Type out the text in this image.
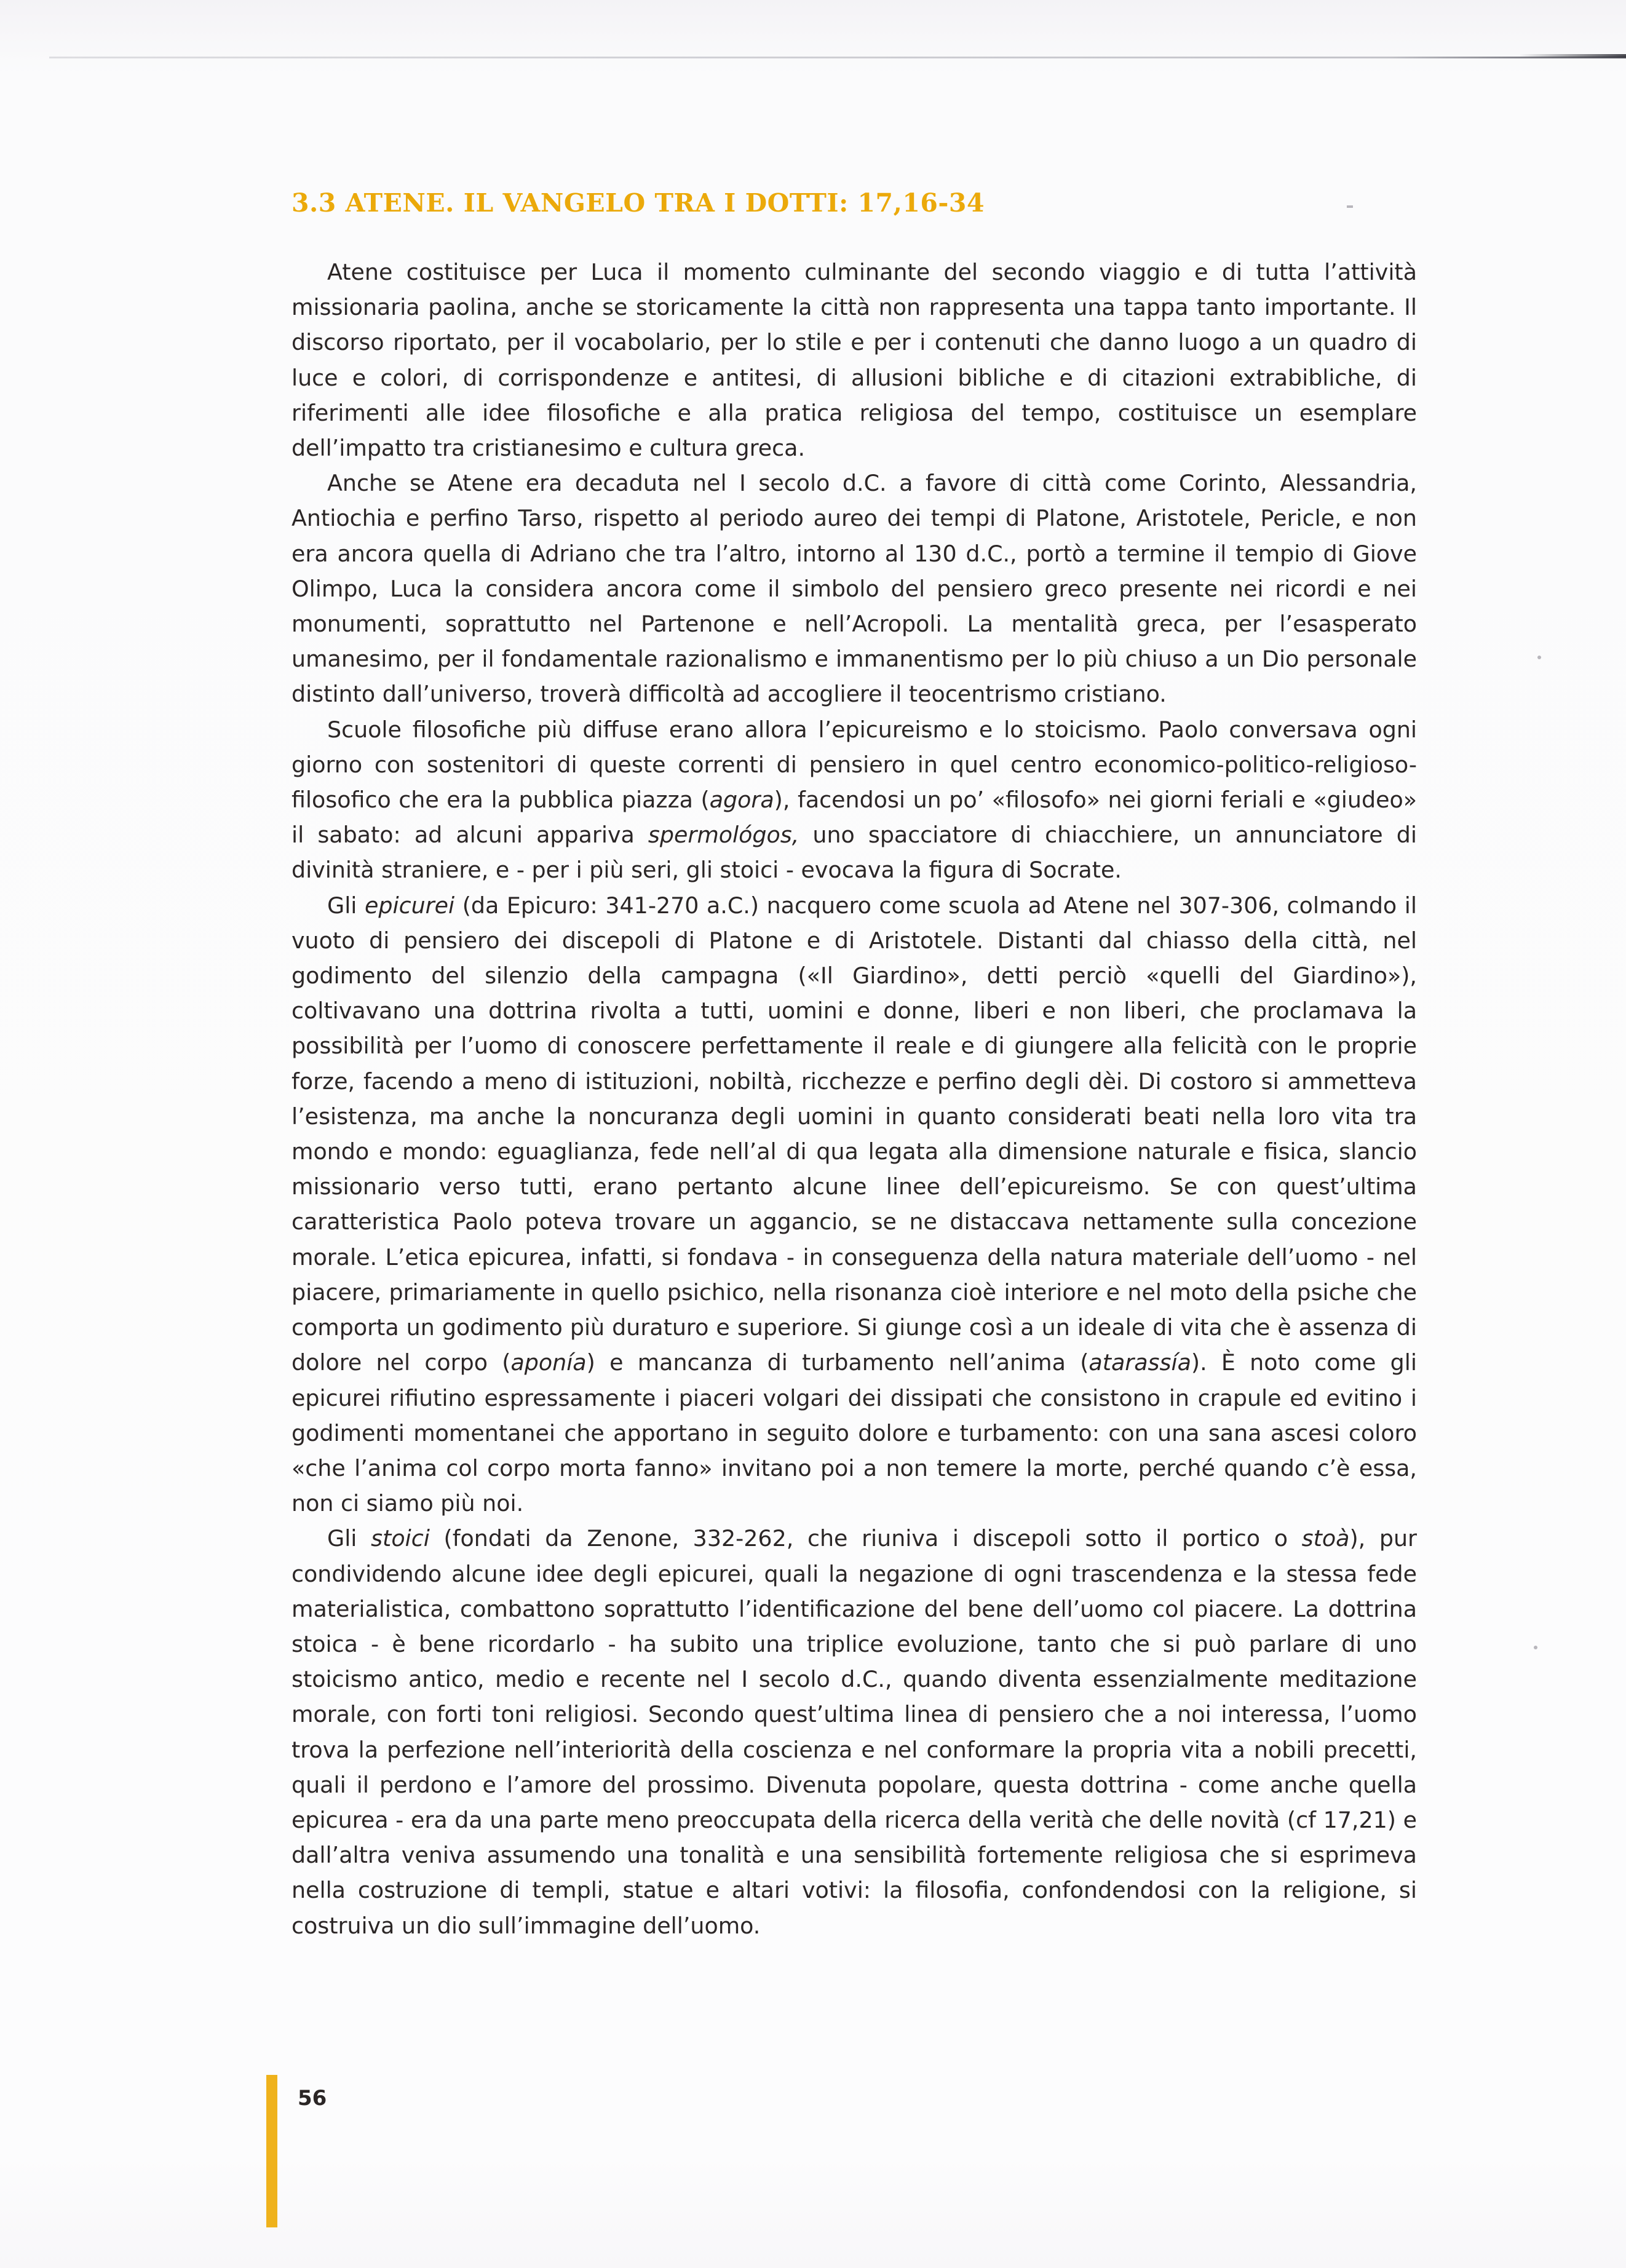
3.3 ATENE. IL VANGELO TRA I DOTTI: 17,16-34

Atene costituisce per Luca il momento culminante del secondo viaggio e di tutta l’attività missionaria paolina, anche se storicamente la città non rappresenta una tappa tanto importante. Il discorso riportato, per il vocabolario, per lo stile e per i contenuti che danno luogo a un quadro di luce e colori, di corrispondenze e antitesi, di allusioni bibliche e di citazioni extrabibliche, di riferimenti alle idee filosofiche e alla pratica religiosa del tempo, costituisce un esemplare dell’impatto tra cristianesimo e cultura greca.

Anche se Atene era decaduta nel I secolo d.C. a favore di città come Corinto, Alessandria, Antiochia e perfino Tarso, rispetto al periodo aureo dei tempi di Platone, Aristotele, Pericle, e non era ancora quella di Adriano che tra l’altro, intorno al 130 d.C., portò a termine il tempio di Giove Olimpo, Luca la considera ancora come il simbolo del pensiero greco presente nei ricordi e nei monumenti, soprattutto nel Partenone e nell’Acropoli. La mentalità greca, per l’esasperato umanesimo, per il fondamentale razionalismo e immanentismo per lo più chiuso a un Dio personale distinto dall’universo, troverà difficoltà ad accogliere il teocentrismo cristiano.

Scuole filosofiche più diffuse erano allora l’epicureismo e lo stoicismo. Paolo conversava ogni giorno con sostenitori di queste correnti di pensiero in quel centro economico-politico-religioso-filosofico che era la pubblica piazza (agora), facendosi un po’ «filosofo» nei giorni feriali e «giudeo» il sabato: ad alcuni appariva spermológos, uno spacciatore di chiacchiere, un annunciatore di divinità straniere, e - per i più seri, gli stoici - evocava la figura di Socrate.

Gli epicurei (da Epicuro: 341-270 a.C.) nacquero come scuola ad Atene nel 307-306, colmando il vuoto di pensiero dei discepoli di Platone e di Aristotele. Distanti dal chiasso della città, nel godimento del silenzio della campagna («Il Giardino», detti perciò «quelli del Giardino»), coltivavano una dottrina rivolta a tutti, uomini e donne, liberi e non liberi, che proclamava la possibilità per l’uomo di conoscere perfettamente il reale e di giungere alla felicità con le proprie forze, facendo a meno di istituzioni, nobiltà, ricchezze e perfino degli dèi. Di costoro si ammetteva l’esistenza, ma anche la noncuranza degli uomini in quanto considerati beati nella loro vita tra mondo e mondo: eguaglianza, fede nell’al di qua legata alla dimensione naturale e fisica, slancio missionario verso tutti, erano pertanto alcune linee dell’epicureismo. Se con quest’ultima caratteristica Paolo poteva trovare un aggancio, se ne distaccava nettamente sulla concezione morale. L’etica epicurea, infatti, si fondava - in conseguenza della natura materiale dell’uomo - nel piacere, primariamente in quello psichico, nella risonanza cioè interiore e nel moto della psiche che comporta un godimento più duraturo e superiore. Si giunge così a un ideale di vita che è assenza di dolore nel corpo (aponía) e mancanza di turbamento nell’anima (atarassía). È noto come gli epicurei rifiutino espressamente i piaceri volgari dei dissipati che consistono in crapule ed evitino i godimenti momentanei che apportano in seguito dolore e turbamento: con una sana ascesi coloro «che l’anima col corpo morta fanno» invitano poi a non temere la morte, perché quando c’è essa, non ci siamo più noi.

Gli stoici (fondati da Zenone, 332-262, che riuniva i discepoli sotto il portico o stoà), pur condividendo alcune idee degli epicurei, quali la negazione di ogni trascendenza e la stessa fede materialistica, combattono soprattutto l’identificazione del bene dell’uomo col piacere. La dottrina stoica - è bene ricordarlo - ha subito una triplice evoluzione, tanto che si può parlare di uno stoicismo antico, medio e recente nel I secolo d.C., quando diventa essenzialmente meditazione morale, con forti toni religiosi. Secondo quest’ultima linea di pensiero che a noi interessa, l’uomo trova la perfezione nell’interiorità della coscienza e nel conformare la propria vita a nobili precetti, quali il perdono e l’amore del prossimo. Divenuta popolare, questa dottrina - come anche quella epicurea - era da una parte meno preoccupata della ricerca della verità che delle novità (cf 17,21) e dall’altra veniva assumendo una tonalità e una sensibilità fortemente religiosa che si esprimeva nella costruzione di templi, statue e altari votivi: la filosofia, confondendosi con la religione, si costruiva un dio sull’immagine dell’uomo.

56
